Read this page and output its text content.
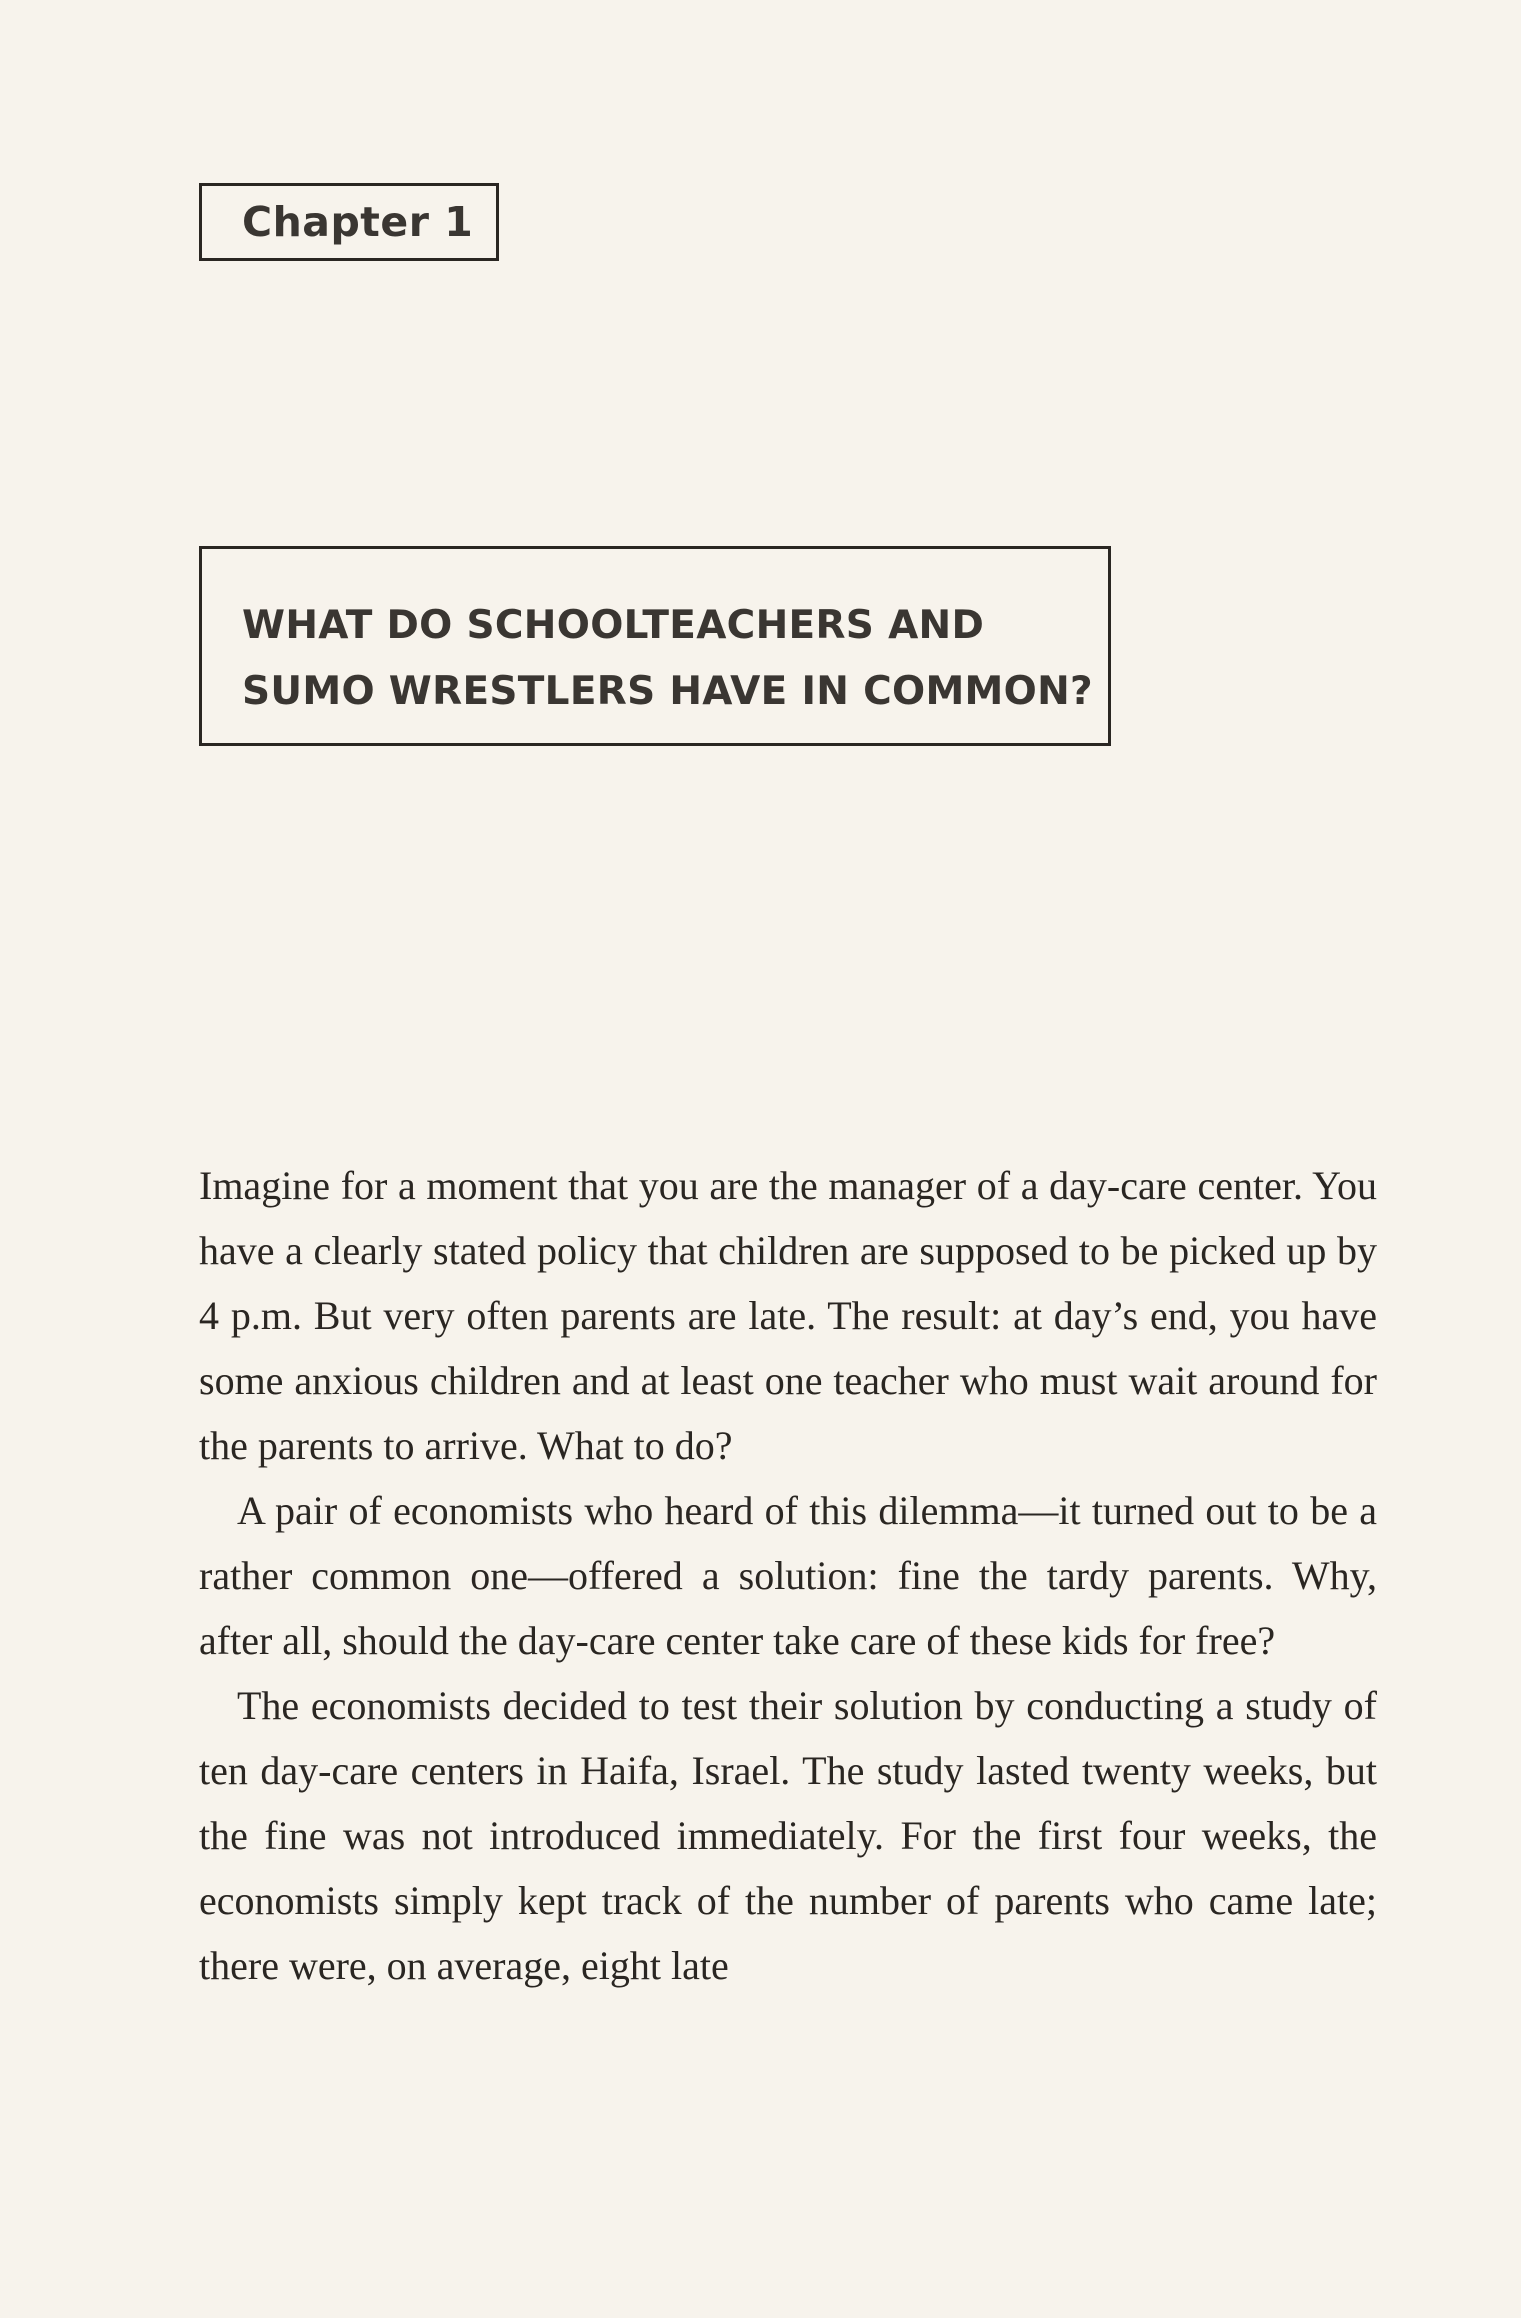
Chapter 1
WHAT DO SCHOOLTEACHERS AND
SUMO WRESTLERS HAVE IN COMMON?

Imagine for a moment that you are the manager of a day-care center. You have a clearly stated policy that children are supposed to be picked up by 4 p.m. But very often parents are late. The result: at day’s end, you have some anxious children and at least one teacher who must wait around for the parents to arrive. What to do?

A pair of economists who heard of this dilemma—it turned out to be a rather common one—offered a solution: fine the tardy parents. Why, after all, should the day-care center take care of these kids for free?

The economists decided to test their solution by conducting a study of ten day-care centers in Haifa, Israel. The study lasted twenty weeks, but the fine was not introduced immediately. For the first four weeks, the economists simply kept track of the number of parents who came late; there were, on average, eight late
